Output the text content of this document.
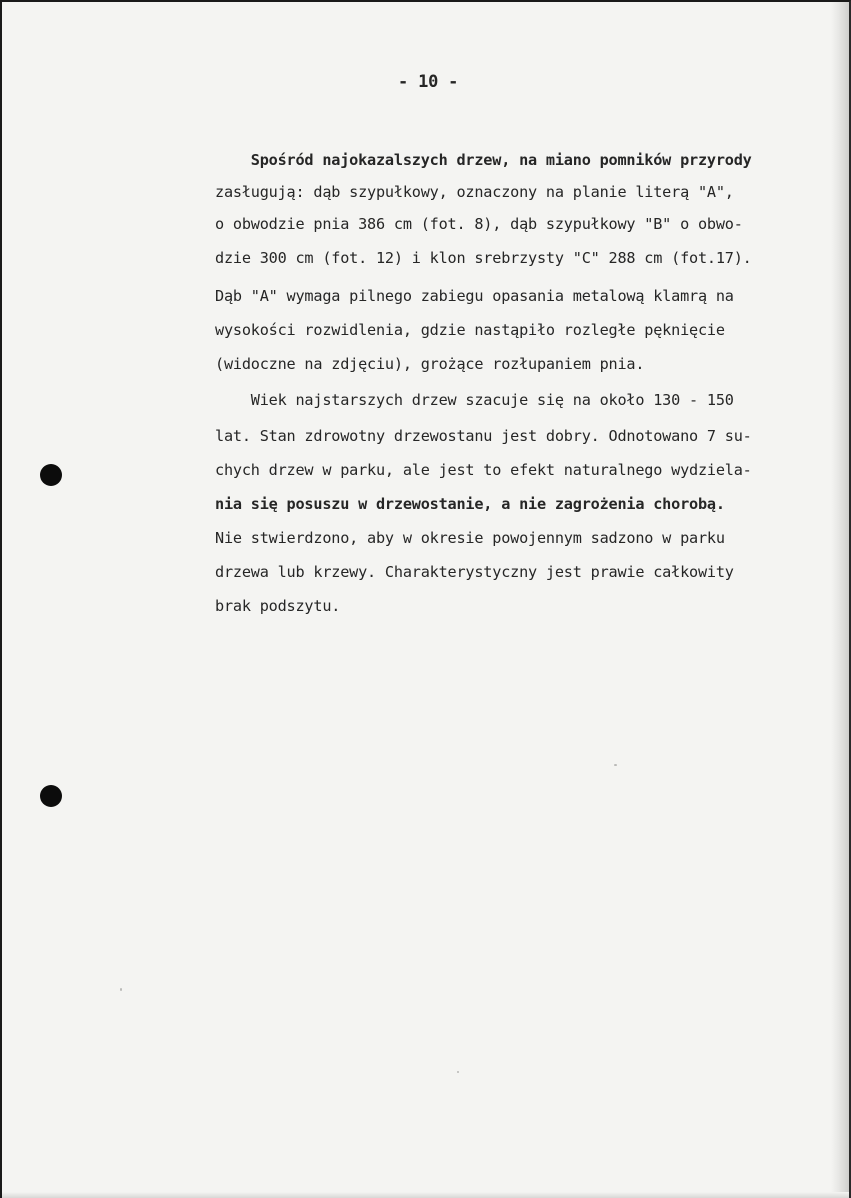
- 10 -
Spośród najokazalszych drzew, na miano pomników przyrody
zasługują: dąb szypułkowy, oznaczony na planie literą "A",
o obwodzie pnia 386 cm (fot. 8), dąb szypułkowy "B" o obwo-
dzie 300 cm (fot. 12) i klon srebrzysty "C" 288 cm (fot.17).
Dąb "A" wymaga pilnego zabiegu opasania metalową klamrą na
wysokości rozwidlenia, gdzie nastąpiło rozległe pęknięcie
(widoczne na zdjęciu), grożące rozłupaniem pnia.
Wiek najstarszych drzew szacuje się na około 130 - 150
lat. Stan zdrowotny drzewostanu jest dobry. Odnotowano 7 su-
chych drzew w parku, ale jest to efekt naturalnego wydziela-
nia się posuszu w drzewostanie, a nie zagrożenia chorobą.
Nie stwierdzono, aby w okresie powojennym sadzono w parku
drzewa lub krzewy. Charakterystyczny jest prawie całkowity
brak podszytu.
